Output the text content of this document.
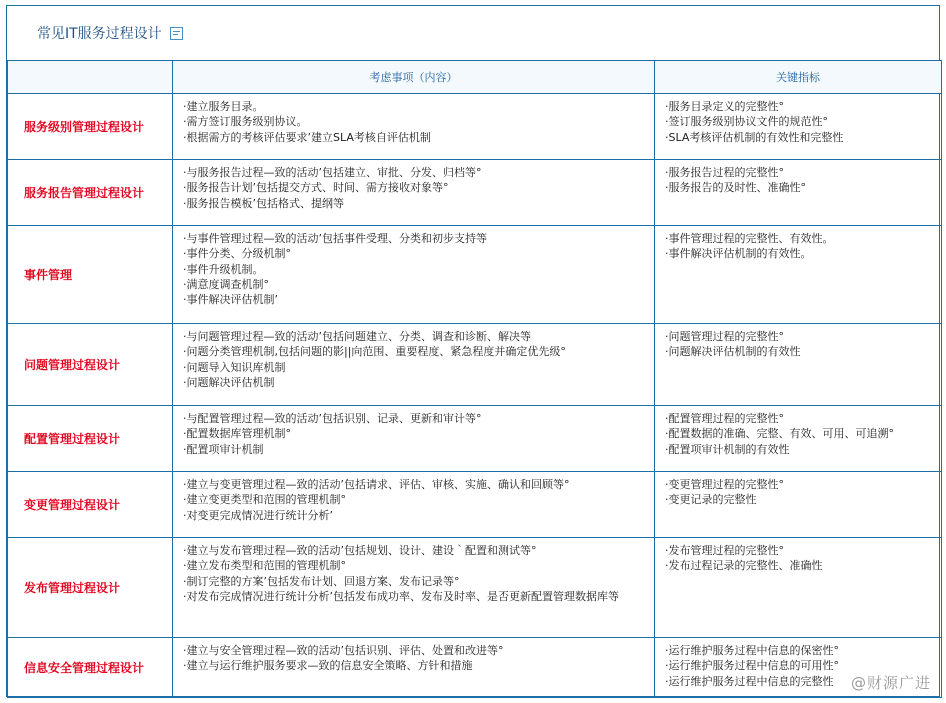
常见IT服务过程设计
	考虑事项（内容）	关键指标
服务级别管理过程设计	·建立服务目录。
·需方签订服务级别协议。
·根据需方的考核评估要求’建立SLA考核自评估机制	·服务目录定义的完整性°
·签订服务级别协议文件的规范性°
·SLA考核评估机制的有效性和完整性

服务报告管理过程设计	·与服务报告过程—致的活动’包括建立、审批、分发、归档等°
·服务报告计划’包括提交方式、时间、需方接收对象等°
·服务报告模板’包括格式、提纲等	·服务报告过程的完整性°
·服务报告的及时性、准确性°

事件管理	·与事件管理过程—致的活动’包括事件受理、分类和初步支持等
·事件分类、分级机制°
·事件升级机制。
·满意度调查机制°
·事件解决评估机制’	·事件管理过程的完整性、有效性。
·事件解决评估机制的有效性。

问题管理过程设计	·与问题管理过程—致的活动’包括问题建立、分类、调查和诊断、解决等
·问题分类管理机制,包括问题的影||向范围、重要程度、紧急程度并确定优先级°
·问题导入知识库机制
·问题解决评估机制	·问题管理过程的完整性°
·问题解决评估机制的有效性

配置管理过程设计	·与配置管理过程—致的活动’包括识别、记录、更新和审计等°
·配置数据库管理机制°
·配置项审计机制	·配置管理过程的完整性°
·配置数据的准确、完整、有效、可用、可追溯°
·配置项审计机制的有效性

变更管理过程设计	·建立与变更管理过程—致的活动’包括请求、评估、审核、实施、确认和回顾等°
·建立变更类型和范围的管理机制°
·对变更完成情况进行统计分析’	·变更管理过程的完整性°
·变更记录的完整性

发布管理过程设计	·建立与发布管理过程—致的活动’包括规划、设计、建设｀配置和测试等°
·建立发布类型和范围的管理机制°
·制订完整的方案’包括发布计划、回退方案、发布记录等°
·对发布完成情况进行统计分析’包括发布成功率、发布及时率、是否更新配置管理数据库等	·发布管理过程的完整性°
·发布过程记录的完整性、准确性

信息安全管理过程设计	·建立与安全管理过程—致的活动’包括识别、评估、处置和改进等°
·建立与运行维护服务要求—致的信息安全策略、方针和措施	·运行维护服务过程中信息的保密性°
·运行维护服务过程中信息的可用性°
·运行维护服务过程中信息的完整性	@财源广进
